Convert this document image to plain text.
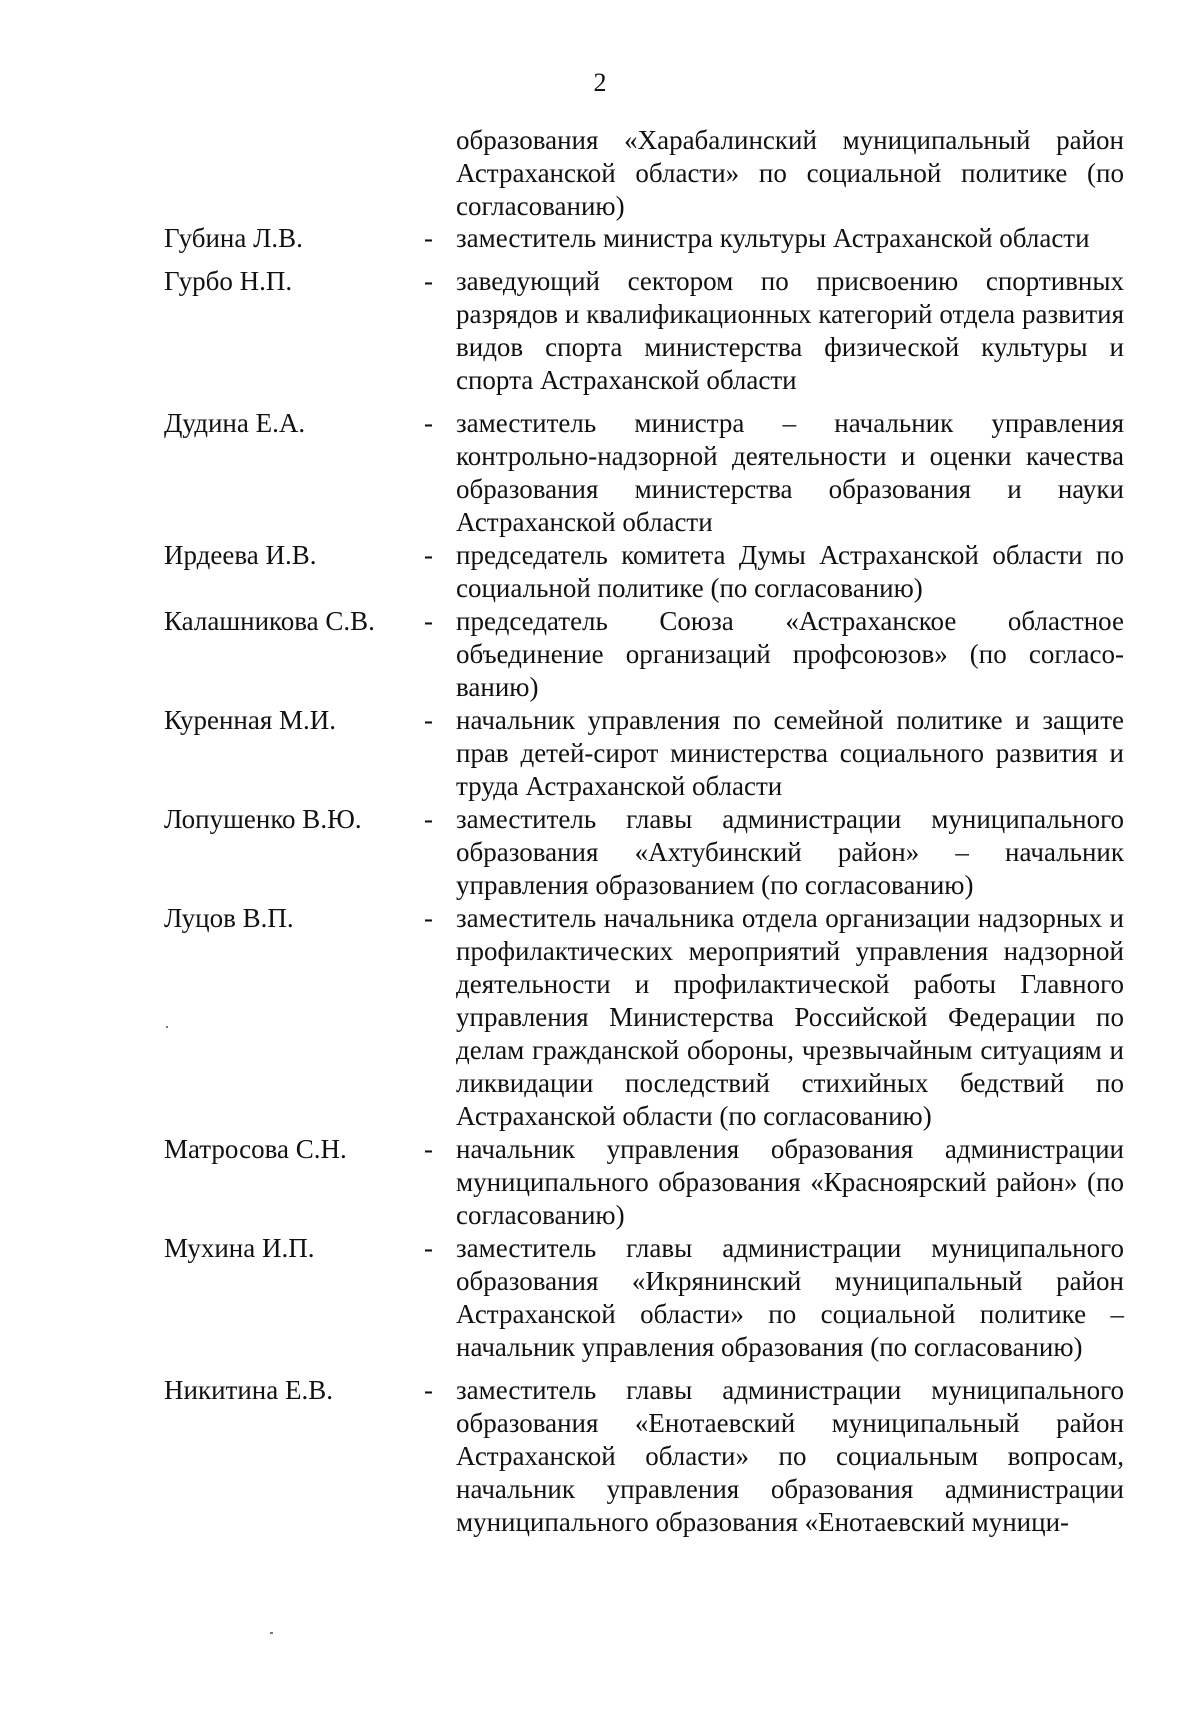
2
образования «Харабалинский муниципальный район Астраханской области» по социальной политике (по согласованию)
Губина Л.В.	- заместитель министра культуры Астраханской области
Гурбо Н.П.	- заведующий сектором по присвоению спортивных разрядов и квалификационных категорий отдела развития видов спорта министерства физической культуры и спорта Астраханской области
Дудина Е.А.	- заместитель министра – начальник управления контрольно-надзорной деятельности и оценки качества образования министерства образования и науки Астраханской области
Ирдеева И.В.	- председатель комитета Думы Астраханской области по социальной политике (по согласованию)
Калашникова С.В.	- председатель Союза «Астраханское областное объединение организаций профсоюзов» (по согласованию)
Куренная М.И.	- начальник управления по семейной политике и защите прав детей-сирот министерства социального развития и труда Астраханской области
Лопушенко В.Ю.	- заместитель главы администрации муниципального образования «Ахтубинский район» – начальник управления образованием (по согласованию)
Луцов В.П.	- заместитель начальника отдела организации надзорных и профилактических мероприятий управления надзорной деятельности и профилактической работы Главного управления Министерства Российской Федерации по делам гражданской обороны, чрезвычайным ситуациям и ликвидации последствий стихийных бедствий по Астраханской области (по согласованию)
Матросова С.Н.	- начальник управления образования администрации муниципального образования «Красноярский район» (по согласованию)
Мухина И.П.	- заместитель главы администрации муниципального образования «Икрянинский муниципальный район Астраханской области» по социальной политике – начальник управления образования (по согласованию)
Никитина Е.В.	- заместитель главы администрации муниципального образования «Енотаевский муниципальный район Астраханской области» по социальным вопросам, начальник управления образования администрации муниципального образования «Енотаевский муници-
